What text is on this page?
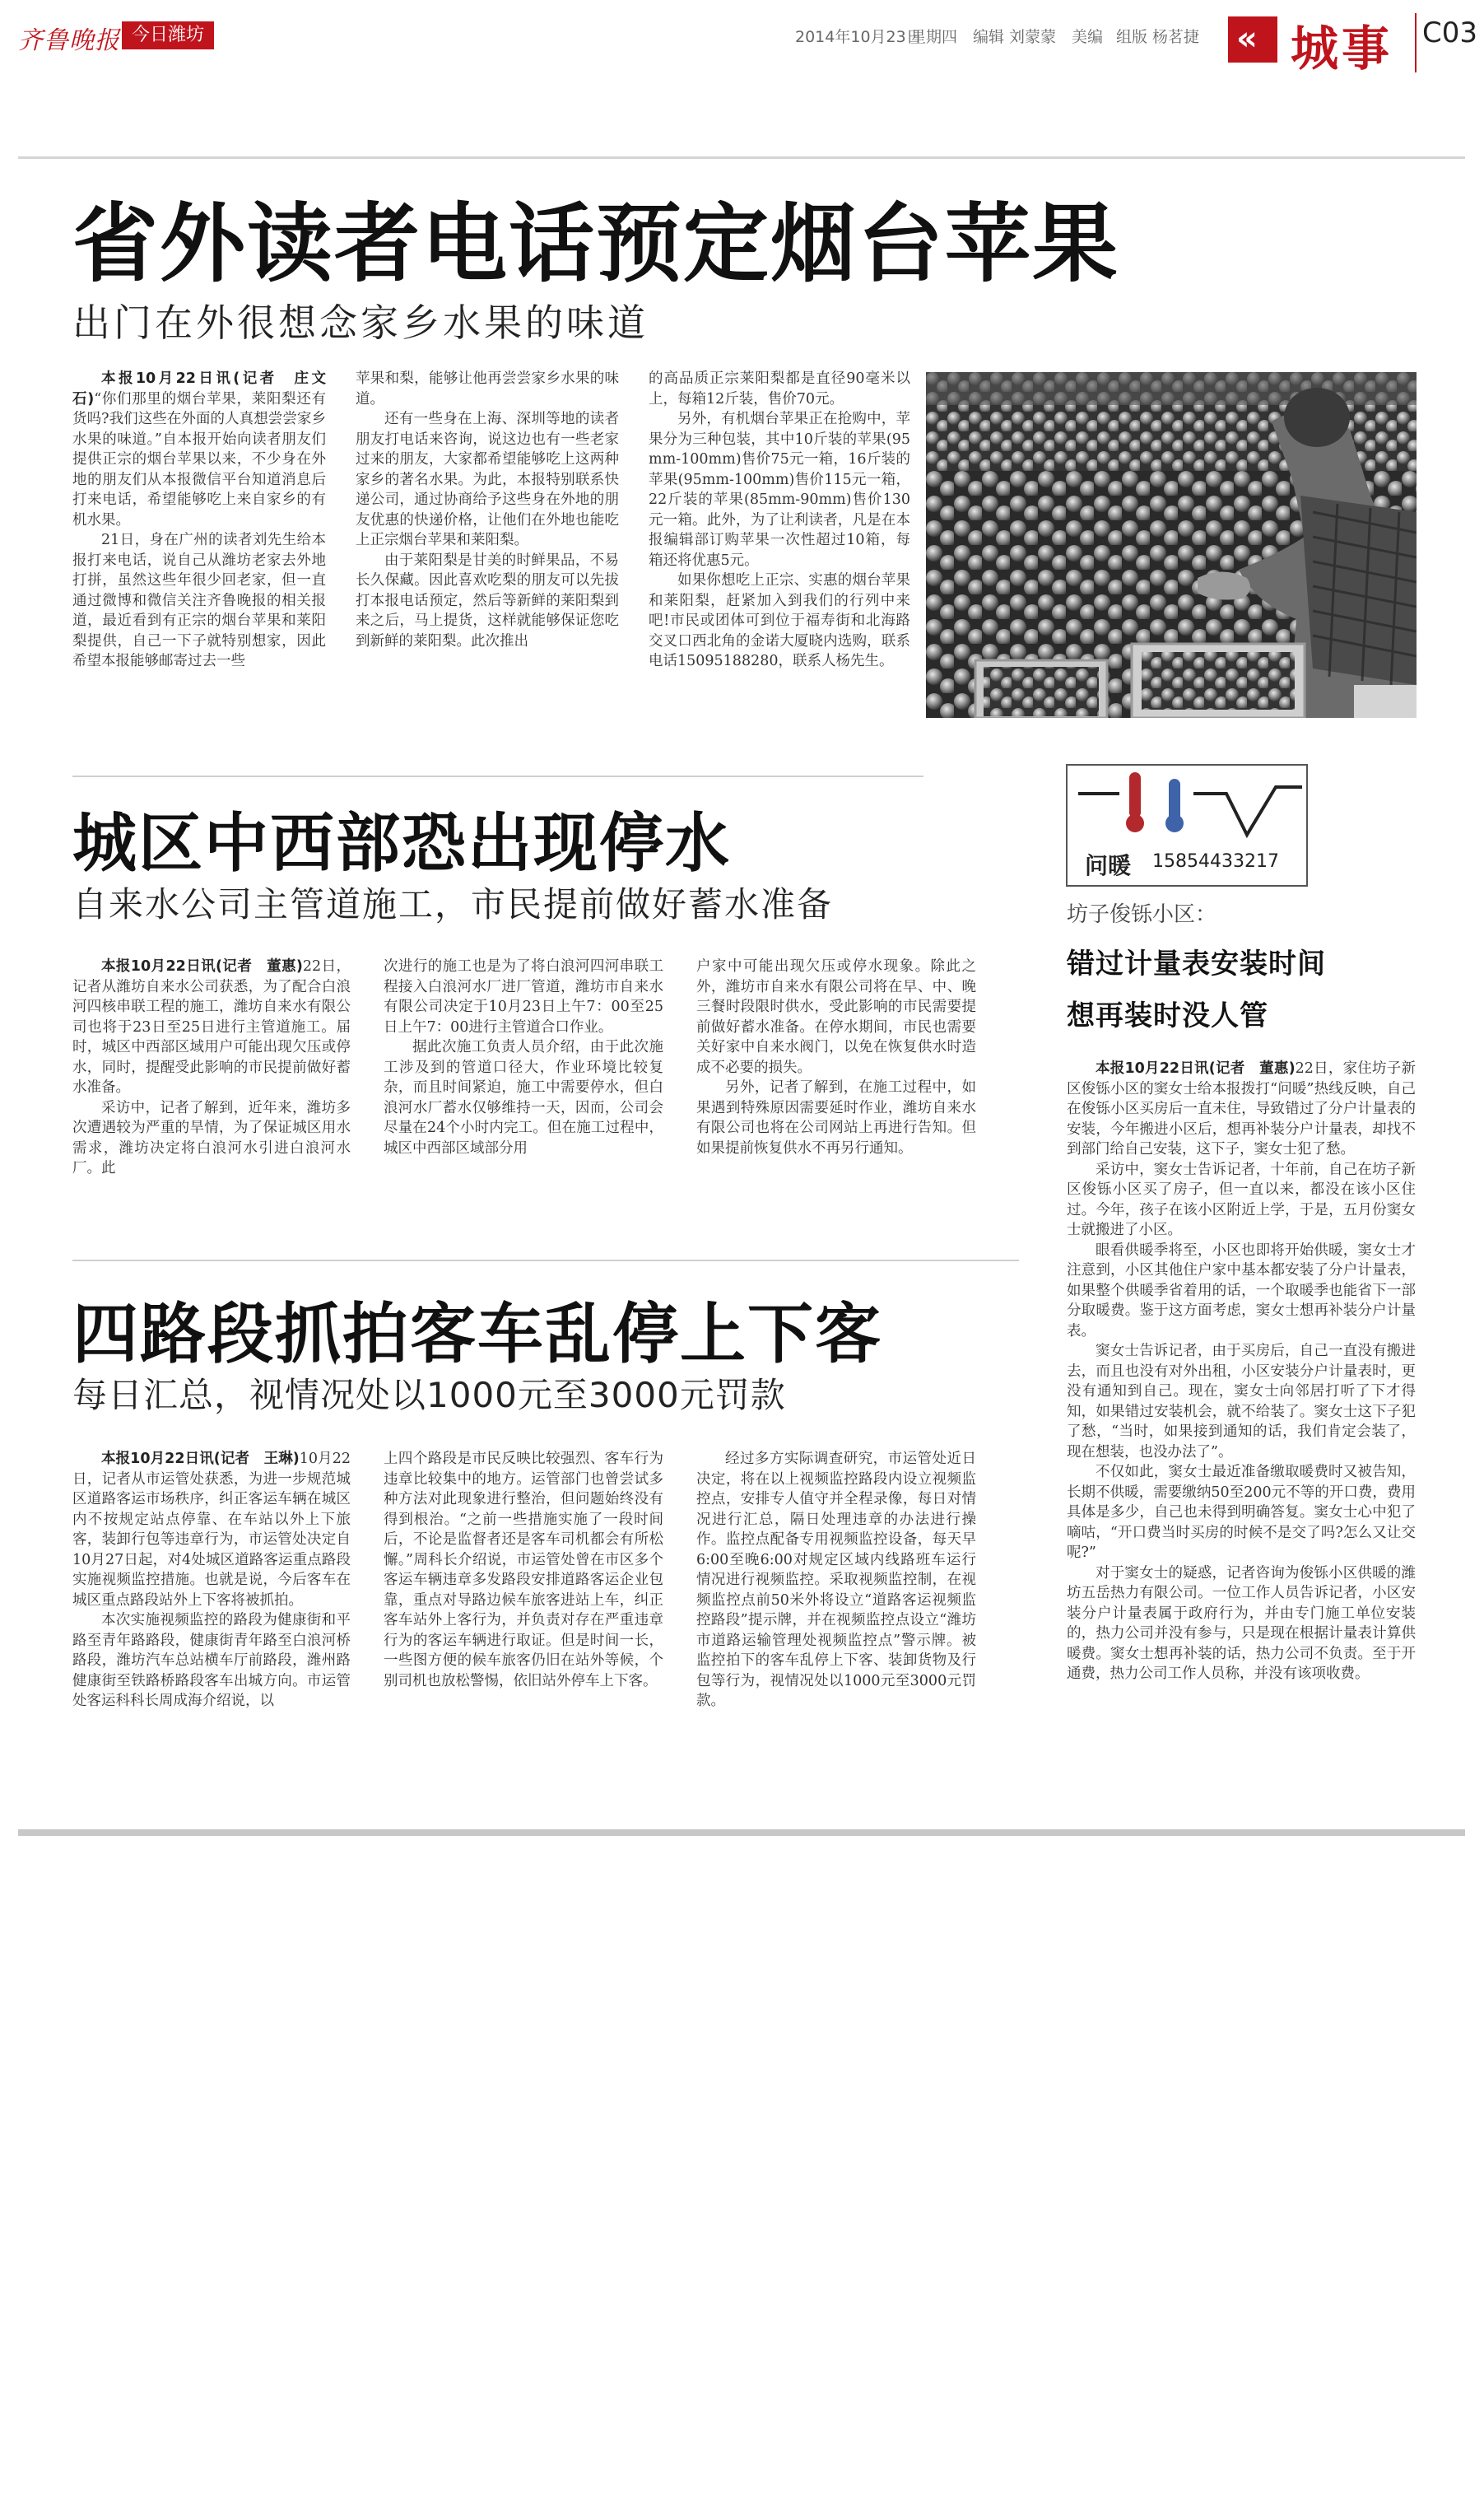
齐鲁晚报 今日潍坊	2014年10月23日
星期四 编辑 刘蒙蒙 美编 组版 杨茗捷 « 城事 C03
省外读者电话预定烟台苹果
出门在外很想念家乡水果的味道

本报10月22日讯(记者　庄文石)“你们那里的烟台苹果，莱阳梨还有货吗?我们这些在外面的人真想尝尝家乡水果的味道。”自本报开始向读者朋友们提供正宗的烟台苹果以来，不少身在外地的朋友们从本报微信平台知道消息后打来电话，希望能够吃上来自家乡的有机水果。

21日，身在广州的读者刘先生给本报打来电话，说自己从潍坊老家去外地打拼，虽然这些年很少回老家，但一直通过微博和微信关注齐鲁晚报的相关报道，最近看到有正宗的烟台苹果和莱阳梨提供，自己一下子就特别想家，因此希望本报能够邮寄过去一些

苹果和梨，能够让他再尝尝家乡水果的味道。

还有一些身在上海、深圳等地的读者朋友打电话来咨询，说这边也有一些老家过来的朋友，大家都希望能够吃上这两种家乡的著名水果。为此，本报特别联系快递公司，通过协商给予这些身在外地的朋友优惠的快递价格，让他们在外地也能吃上正宗烟台苹果和莱阳梨。

由于莱阳梨是甘美的时鲜果品，不易长久保藏。因此喜欢吃梨的朋友可以先拔打本报电话预定，然后等新鲜的莱阳梨到来之后，马上提货，这样就能够保证您吃到新鲜的莱阳梨。此次推出

的高品质正宗莱阳梨都是直径90毫米以上，每箱12斤装，售价70元。

另外，有机烟台苹果正在抢购中，苹果分为三种包装，其中10斤装的苹果(95mm-100mm)售价75元一箱，16斤装的苹果(95mm-100mm)售价115元一箱，22斤装的苹果(85mm-90mm)售价130元一箱。此外，为了让利读者，凡是在本报编辑部订购苹果一次性超过10箱，每箱还将优惠5元。

如果你想吃上正宗、实惠的烟台苹果和莱阳梨，赶紧加入到我们的行列中来吧!市民或团体可到位于福寿街和北海路交叉口西北角的金诺大厦晓内选购，联系电话15095188280，联系人杨先生。

问暖 15854433217
坊子俊铄小区：
错过计量表安装时间
想再装时没人管

本报10月22日讯(记者　董惠)22日，家住坊子新区俊铄小区的窦女士给本报拨打“问暖”热线反映，自己在俊铄小区买房后一直未住，导致错过了分户计量表的安装，今年搬进小区后，想再补装分户计量表，却找不到部门给自己安装，这下子，窦女士犯了愁。

采访中，窦女士告诉记者，十年前，自己在坊子新区俊铄小区买了房子，但一直以来，都没在该小区住过。今年，孩子在该小区附近上学，于是，五月份窦女士就搬进了小区。

眼看供暖季将至，小区也即将开始供暖，窦女士才注意到，小区其他住户家中基本都安装了分户计量表，如果整个供暖季省着用的话，一个取暖季也能省下一部分取暖费。鉴于这方面考虑，窦女士想再补装分户计量表。

窦女士告诉记者，由于买房后，自己一直没有搬进去，而且也没有对外出租，小区安装分户计量表时，更没有通知到自己。现在，窦女士向邻居打听了下才得知，如果错过安装机会，就不给装了。窦女士这下子犯了愁，“当时，如果接到通知的话，我们肯定会装了，现在想装，也没办法了”。

不仅如此，窦女士最近准备缴取暖费时又被告知，长期不供暖，需要缴纳50至200元不等的开口费，费用具体是多少，自己也未得到明确答复。窦女士心中犯了嘀咕，“开口费当时买房的时候不是交了吗?怎么又让交呢?”

对于窦女士的疑惑，记者咨询为俊铄小区供暖的潍坊五岳热力有限公司。一位工作人员告诉记者，小区安装分户计量表属于政府行为，并由专门施工单位安装的，热力公司并没有参与，只是现在根据计量表计算供暖费。窦女士想再补装的话，热力公司不负责。至于开通费，热力公司工作人员称，并没有该项收费。

城区中西部恐出现停水
自来水公司主管道施工，市民提前做好蓄水准备

本报10月22日讯(记者　董惠)22日，记者从潍坊自来水公司获悉，为了配合白浪河四核串联工程的施工，潍坊自来水有限公司也将于23日至25日进行主管道施工。届时，城区中西部区域用户可能出现欠压或停水，同时，提醒受此影响的市民提前做好蓄水准备。

采访中，记者了解到，近年来，潍坊多次遭遇较为严重的旱情，为了保证城区用水需求，潍坊决定将白浪河水引进白浪河水厂。此

次进行的施工也是为了将白浪河四河串联工程接入白浪河水厂进厂管道，潍坊市自来水有限公司决定于10月23日上午7：00至25日上午7：00进行主管道合口作业。

据此次施工负责人员介绍，由于此次施工涉及到的管道口径大，作业环境比较复杂，而且时间紧迫，施工中需要停水，但白浪河水厂蓄水仅够维持一天，因而，公司会尽量在24个小时内完工。但在施工过程中，城区中西部区域部分用

户家中可能出现欠压或停水现象。除此之外，潍坊市自来水有限公司将在早、中、晚三餐时段限时供水，受此影响的市民需要提前做好蓄水准备。在停水期间，市民也需要关好家中自来水阀门，以免在恢复供水时造成不必要的损失。

另外，记者了解到，在施工过程中，如果遇到特殊原因需要延时作业，潍坊自来水有限公司也将在公司网站上再进行告知。但如果提前恢复供水不再另行通知。

四路段抓拍客车乱停上下客
每日汇总，视情况处以1000元至3000元罚款

本报10月22日讯(记者　王琳)10月22日，记者从市运管处获悉，为进一步规范城区道路客运市场秩序，纠正客运车辆在城区内不按规定站点停靠、在车站以外上下旅客，装卸行包等违章行为，市运管处决定自10月27日起，对4处城区道路客运重点路段实施视频监控措施。也就是说，今后客车在城区重点路段站外上下客将被抓拍。

本次实施视频监控的路段为健康街和平路至青年路路段，健康街青年路至白浪河桥路段，潍坊汽车总站横车厅前路段，潍州路健康街至铁路桥路段客车出城方向。市运管处客运科科长周成海介绍说，以

上四个路段是市民反映比较强烈、客车行为违章比较集中的地方。运管部门也曾尝试多种方法对此现象进行整治，但问题始终没有得到根治。“之前一些措施实施了一段时间后，不论是监督者还是客车司机都会有所松懈。”周科长介绍说，市运管处曾在市区多个客运车辆违章多发路段安排道路客运企业包靠，重点对导路边候车旅客进站上车，纠正客车站外上客行为，并负责对存在严重违章行为的客运车辆进行取证。但是时间一长，一些图方便的候车旅客仍旧在站外等候，个别司机也放松警惕，依旧站外停车上下客。

经过多方实际调查研究，市运管处近日决定，将在以上视频监控路段内设立视频监控点，安排专人值守并全程录像，每日对情况进行汇总，隔日处理违章的办法进行操作。监控点配备专用视频监控设备，每天早6:00至晚6:00对规定区域内线路班车运行情况进行视频监控。采取视频监控制，在视频监控点前50米外将设立“道路客运视频监控路段”提示牌，并在视频监控点设立“潍坊市道路运输管理处视频监控点”警示牌。被监控拍下的客车乱停上下客、装卸货物及行包等行为，视情况处以1000元至3000元罚款。
